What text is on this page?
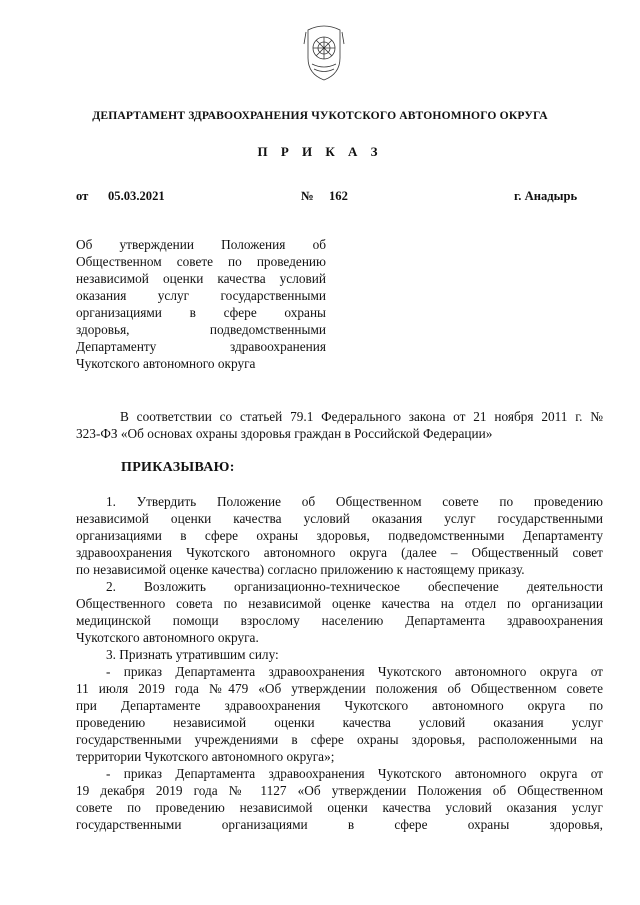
ДЕПАРТАМЕНТ ЗДРАВООХРАНЕНИЯ ЧУКОТСКОГО АВТОНОМНОГО ОКРУГА
П Р И К А З
от 05.03.2021	№ 162	г. Анадырь
Об утверждении Положения об
Общественном совете по проведению
независимой оценки качества условий
оказания услуг государственными
организациями в сфере охраны
здоровья, подведомственными
Департаменту здравоохранения
Чукотского автономного округа
В соответствии со статьей 79.1 Федерального закона от 21 ноября 2011 г. №
323-ФЗ «Об основах охраны здоровья граждан в Российской Федерации»
ПРИКАЗЫВАЮ:
1. Утвердить Положение об Общественном совете по проведению
независимой оценки качества условий оказания услуг государственными
организациями в сфере охраны здоровья, подведомственными Департаменту
здравоохранения Чукотского автономного округа (далее – Общественный совет
по независимой оценке качества) согласно приложению к настоящему приказу.
2. Возложить организационно-техническое обеспечение деятельности
Общественного совета по независимой оценке качества на отдел по организации
медицинской помощи взрослому населению Департамента здравоохранения
Чукотского автономного округа.
3. Признать утратившим силу:
- приказ Департамента здравоохранения Чукотского автономного округа от
11 июля 2019 года №479 «Об утверждении положения об Общественном совете
при Департаменте здравоохранения Чукотского автономного округа по
проведению независимой оценки качества условий оказания услуг
государственными учреждениями в сфере охраны здоровья, расположенными на
территории Чукотского автономного округа»;
- приказ Департамента здравоохранения Чукотского автономного округа от
19 декабря 2019 года № 1127 «Об утверждении Положения об Общественном
совете по проведению независимой оценки качества условий оказания услуг
государственными организациями в сфере охраны здоровья,
